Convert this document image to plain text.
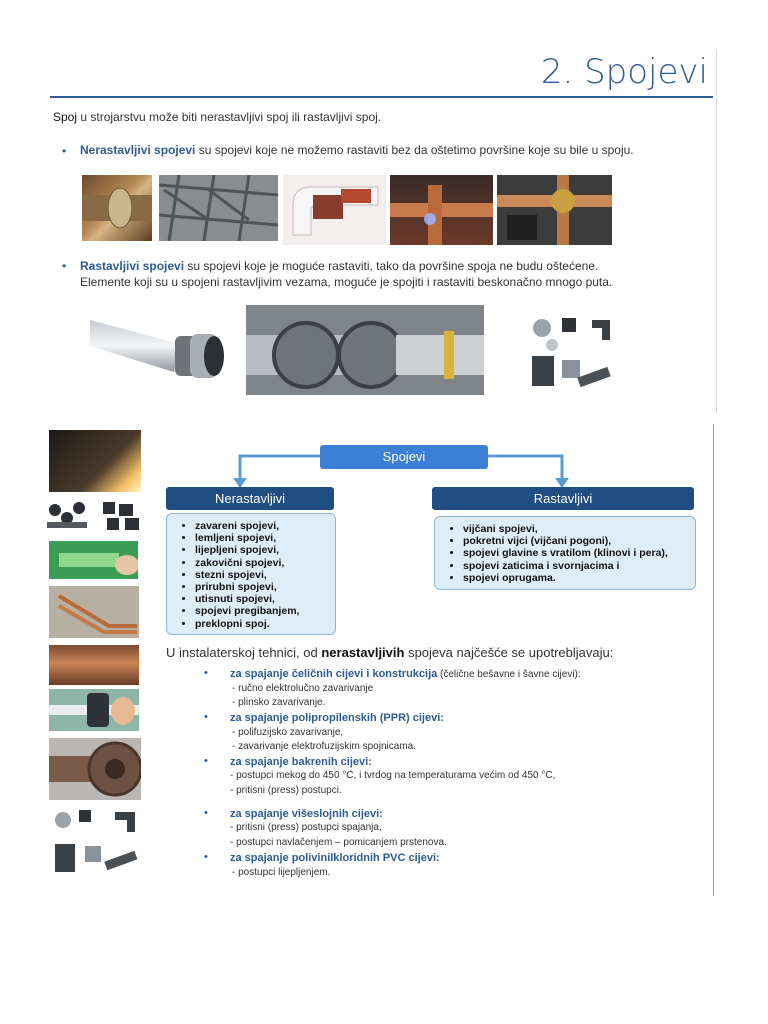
2. Spojevi
Spoj u strojarstvu može biti nerastavljivi spoj ili rastavljivi spoj.
• Nerastavljivi spojevi su spojevi koje ne možemo rastaviti bez da oštetimo površine koje su bile u spoju.
• Rastavljivi spojevi su spojevi koje je moguće rastaviti, tako da površine spoja ne budu oštećene.
Elemente koji su u spojeni rastavljivim vezama, moguće je spojiti i rastaviti beskonačno mnogo puta.
Spojevi
Nerastavljivi	Rastavljivi
• zavareni spojevi,
• lemljeni spojevi,
• lijepljeni spojevi,
• zakovični spojevi,
• stezni spojevi,
• prirubni spojevi,
• utisnuti spojevi,
• spojevi pregibanjem,
• preklopni spoj.
• vijčani spojevi,
• pokretni vijci (vijčani pogoni),
• spojevi glavine s vratilom (klinovi i pera),
• spojevi zaticima i svornjacima i
• spojevi oprugama.
U instalaterskoj tehnici, od nerastavljivih spojeva najčešće se upotrebljavaju:
• za spajanje čeličnih cijevi i konstrukcija (čelične bešavne i šavne cijevi):
- ručno elektrolučno zavarivanje
- plinsko zavarivanje.
• za spajanje polipropilenskih (PPR) cijevi:
- polifuzijsko zavarivanje,
- zavarivanje elektrofuzijskim spojnicama.
• za spajanje bakrenih cijevi:
- postupci mekog do 450 °C, i tvrdog na temperaturama većim od 450 °C,
- pritisni (press) postupci.
• za spajanje višeslojnih cijevi:
- pritisni (press) postupci spajanja,
- postupci navlačenjem – pomicanjem prstenova.
• za spajanje polivinilkloridnih PVC cijevi:
- postupci lijepljenjem.
